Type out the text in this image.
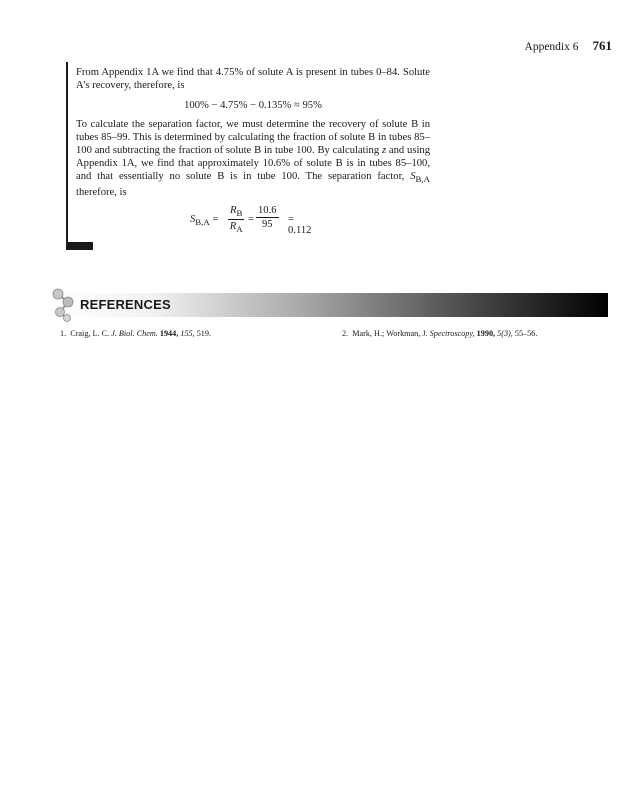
Appendix 6 761

From Appendix 1A we find that 4.75% of solute A is present in tubes 0–84. Solute A’s recovery, therefore, is

100% − 4.75% − 0.135% ≈ 95%

To calculate the separation factor, we must determine the recovery of solute B in tubes 85–99. This is determined by calculating the fraction of solute B in tubes 85–100 and subtracting the fraction of solute B in tube 100. By calculating z and using Appendix 1A, we find that approximately 10.6% of solute B is in tubes 85–100, and that essentially no solute B is in tube 100. The separation factor, $S_{B,A}$ therefore, is

$S_{B,A} = \frac{R_B}{R_A} = \frac{10.6}{95} = 0.112$
REFERENCES
1. Craig, L. C. J. Biol. Chem. 1944, 155, 519.	2. Mark, H.; Workman, J. Spectroscopy, 1990, 5(3), 55–56.
